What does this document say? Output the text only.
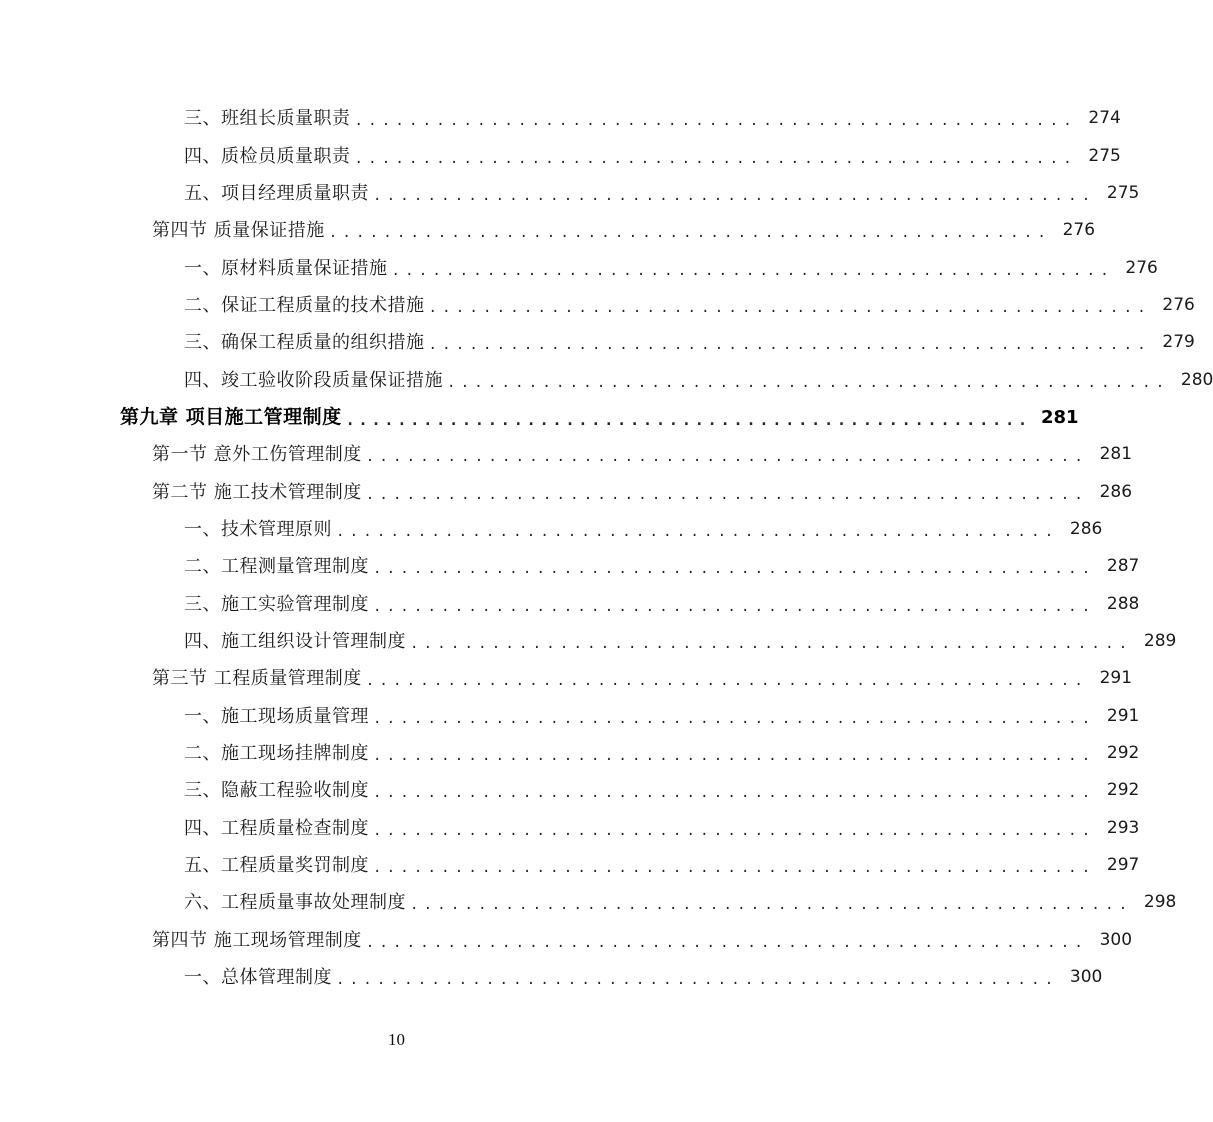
三、班组长质量职责 ..................................................... 274
四、质检员质量职责 ..................................................... 275
五、项目经理质量职责 ..................................................... 275
第四节 质量保证措施 ..................................................... 276
一、原材料质量保证措施 ..................................................... 276
二、保证工程质量的技术措施 ..................................................... 276
三、确保工程质量的组织措施 ..................................................... 279
四、竣工验收阶段质量保证措施 ..................................................... 280
第九章 项目施工管理制度 ..................................................... 281
第一节 意外工伤管理制度 ..................................................... 281
第二节 施工技术管理制度 ..................................................... 286
一、技术管理原则 ..................................................... 286
二、工程测量管理制度 ..................................................... 287
三、施工实验管理制度 ..................................................... 288
四、施工组织设计管理制度 ..................................................... 289
第三节 工程质量管理制度 ..................................................... 291
一、施工现场质量管理 ..................................................... 291
二、施工现场挂牌制度 ..................................................... 292
三、隐蔽工程验收制度 ..................................................... 292
四、工程质量检查制度 ..................................................... 293
五、工程质量奖罚制度 ..................................................... 297
六、工程质量事故处理制度 ..................................................... 298
第四节 施工现场管理制度 ..................................................... 300
一、总体管理制度 ..................................................... 300
10
